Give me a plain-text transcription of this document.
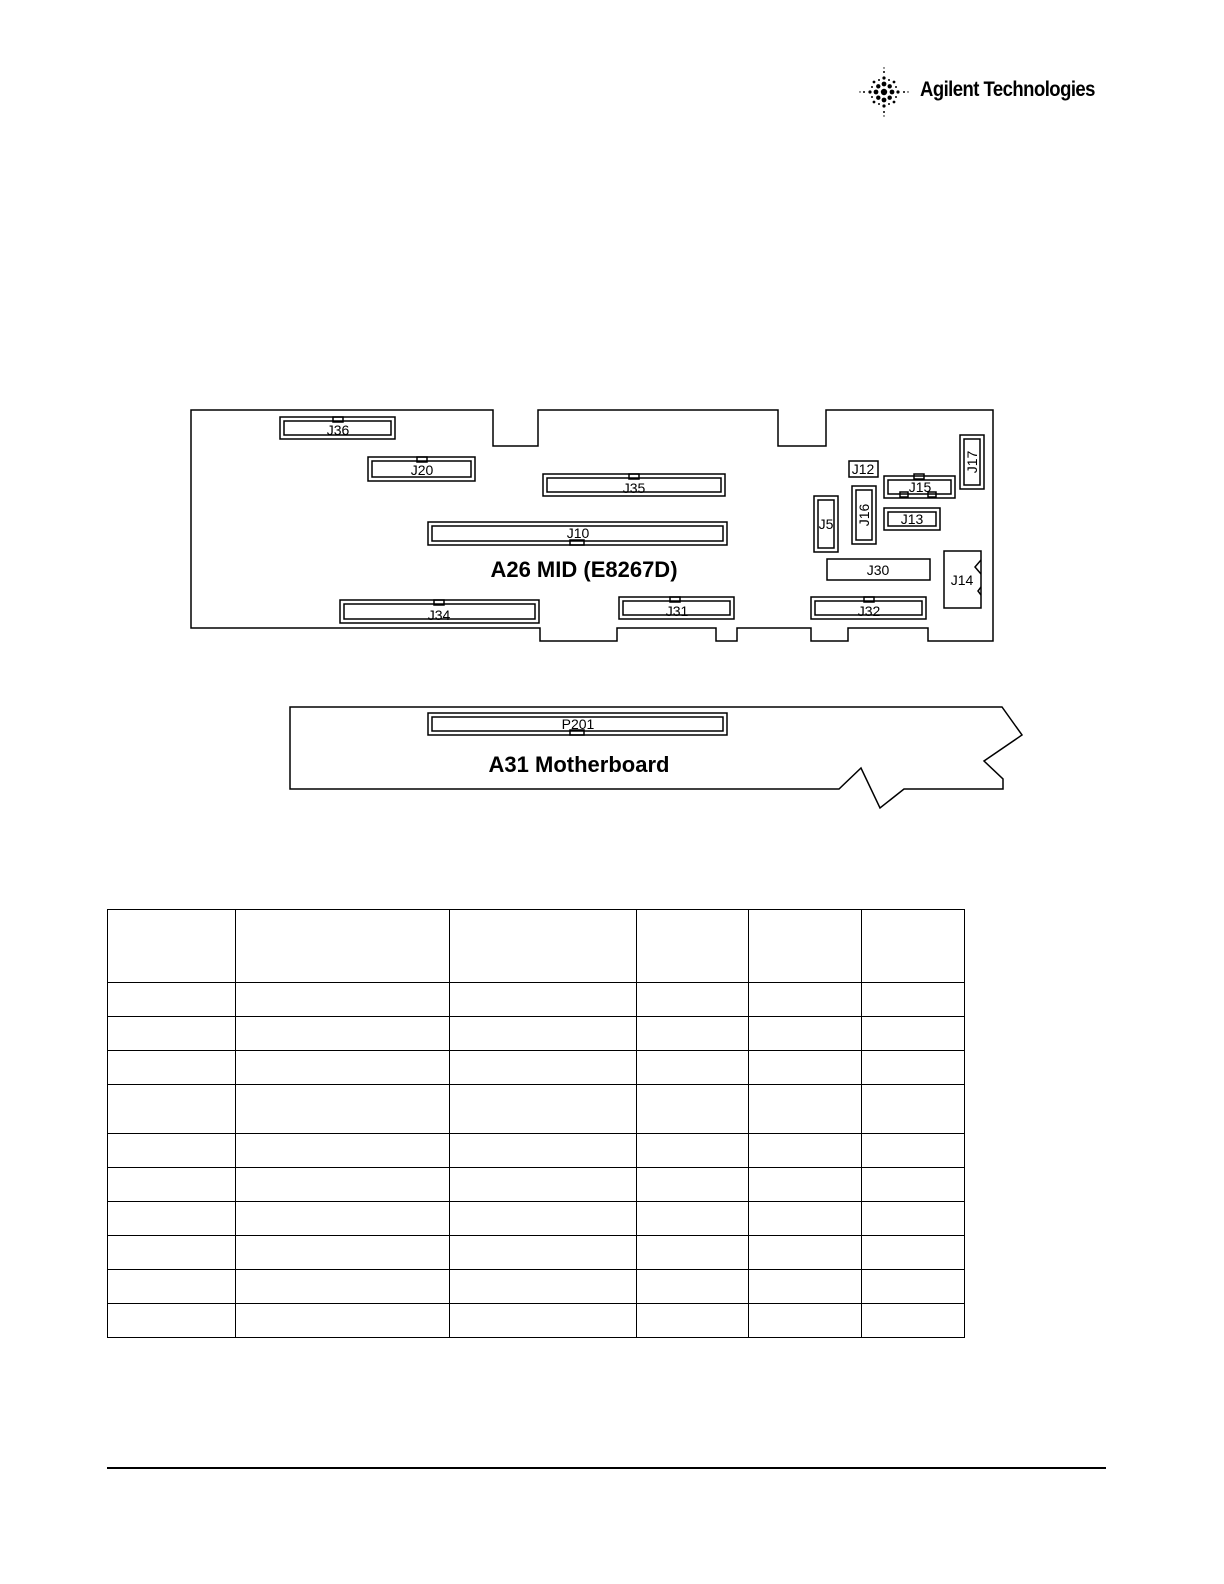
Agilent Technologies
J36
J20
J35
J10
J34	J31	J32
J12	J17
J15
J16 J13
J5
J30
J14
A26 MID (E8267D)
P201
A31 Motherboard
